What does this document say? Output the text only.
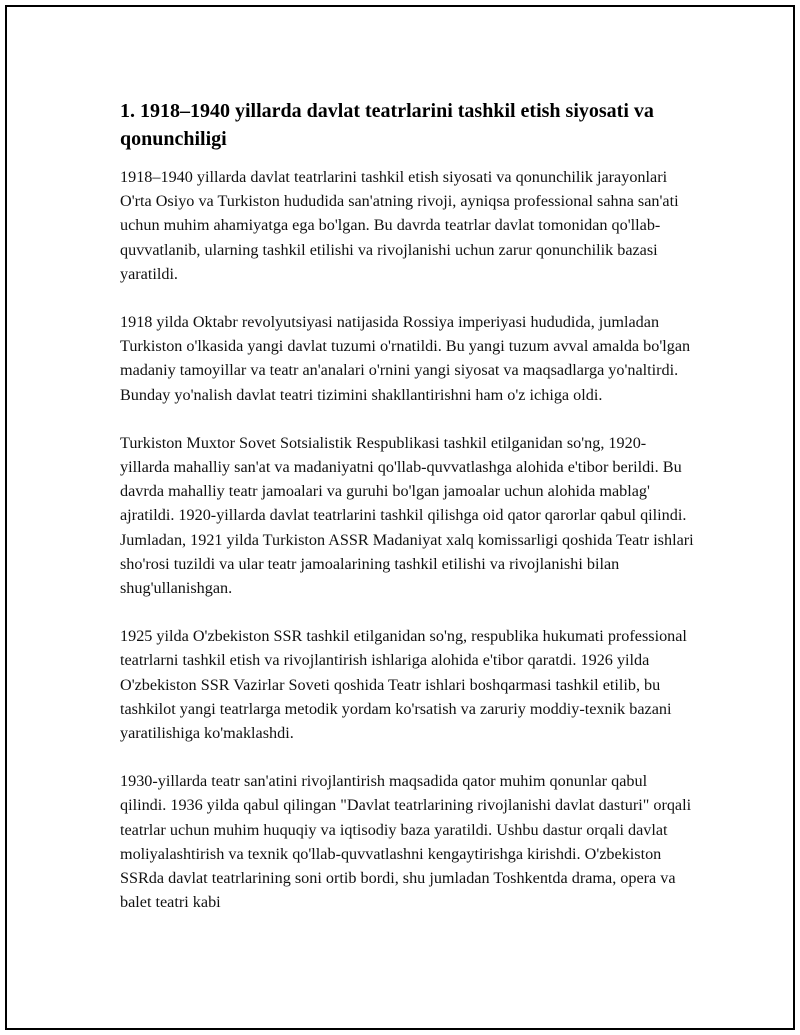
1. 1918–1940 yillarda davlat teatrlarini tashkil etish siyosati va qonunchiligi

1918–1940 yillarda davlat teatrlarini tashkil etish siyosati va qonunchilik jarayonlari O'rta Osiyo va Turkiston hududida san'atning rivoji, ayniqsa professional sahna san'ati uchun muhim ahamiyatga ega bo'lgan. Bu davrda teatrlar davlat tomonidan qo'llab-quvvatlanib, ularning tashkil etilishi va rivojlanishi uchun zarur qonunchilik bazasi yaratildi.

1918 yilda Oktabr revolyutsiyasi natijasida Rossiya imperiyasi hududida, jumladan Turkiston o'lkasida yangi davlat tuzumi o'rnatildi. Bu yangi tuzum avval amalda bo'lgan madaniy tamoyillar va teatr an'analari o'rnini yangi siyosat va maqsadlarga yo'naltirdi. Bunday yo'nalish davlat teatri tizimini shakllantirishni ham o'z ichiga oldi.

Turkiston Muxtor Sovet Sotsialistik Respublikasi tashkil etilganidan so'ng, 1920-yillarda mahalliy san'at va madaniyatni qo'llab-quvvatlashga alohida e'tibor berildi. Bu davrda mahalliy teatr jamoalari va guruhi bo'lgan jamoalar uchun alohida mablag' ajratildi. 1920-yillarda davlat teatrlarini tashkil qilishga oid qator qarorlar qabul qilindi. Jumladan, 1921 yilda Turkiston ASSR Madaniyat xalq komissarligi qoshida Teatr ishlari sho'rosi tuzildi va ular teatr jamoalarining tashkil etilishi va rivojlanishi bilan shug'ullanishgan.

1925 yilda O'zbekiston SSR tashkil etilganidan so'ng, respublika hukumati professional teatrlarni tashkil etish va rivojlantirish ishlariga alohida e'tibor qaratdi. 1926 yilda O'zbekiston SSR Vazirlar Soveti qoshida Teatr ishlari boshqarmasi tashkil etilib, bu tashkilot yangi teatrlarga metodik yordam ko'rsatish va zaruriy moddiy-texnik bazani yaratilishiga ko'maklashdi.

1930-yillarda teatr san'atini rivojlantirish maqsadida qator muhim qonunlar qabul qilindi. 1936 yilda qabul qilingan "Davlat teatrlarining rivojlanishi davlat dasturi" orqali teatrlar uchun muhim huquqiy va iqtisodiy baza yaratildi. Ushbu dastur orqali davlat moliyalashtirish va texnik qo'llab-quvvatlashni kengaytirishga kirishdi. O'zbekiston SSRda davlat teatrlarining soni ortib bordi, shu jumladan Toshkentda drama, opera va balet teatri kabi
